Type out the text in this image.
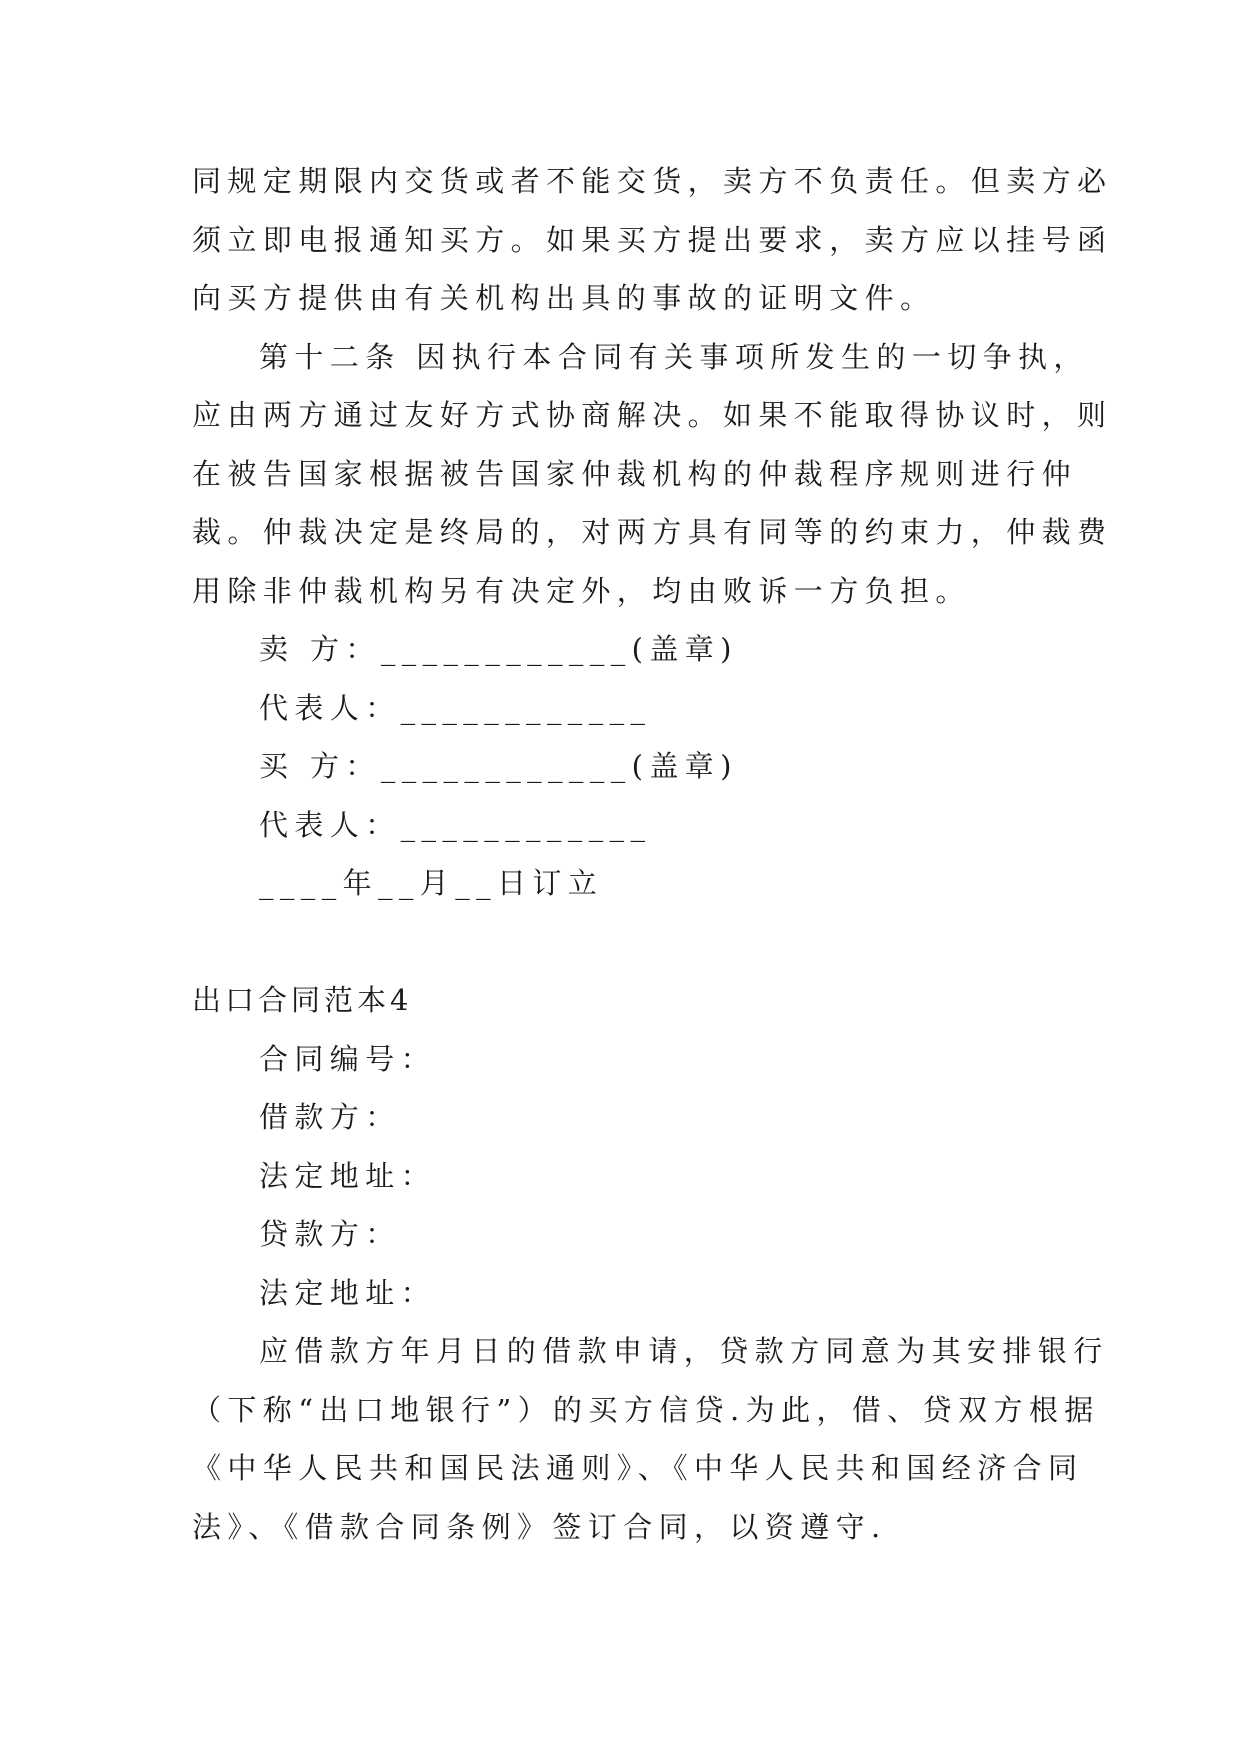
同规定期限内交货或者不能交货，卖方不负责任。但卖方必

须立即电报通知买方。如果买方提出要求，卖方应以挂号函

向买方提供由有关机构出具的事故的证明文件。

第十二条 因执行本合同有关事项所发生的一切争执，

应由两方通过友好方式协商解决。如果不能取得协议时，则

在被告国家根据被告国家仲裁机构的仲裁程序规则进行仲

裁。仲裁决定是终局的，对两方具有同等的约束力，仲裁费

用除非仲裁机构另有决定外，均由败诉一方负担。

卖 方：____________(盖章)

代表人：____________

买 方：____________(盖章)

代表人：____________

____年__月__日订立

出口合同范本4

合同编号：

借款方：

法定地址：

贷款方：

法定地址：

应借款方年月日的借款申请，贷款方同意为其安排银行

（下称“出口地银行”）的买方信贷.为此，借、贷双方根据

《中华人民共和国民法通则》、《中华人民共和国经济合同

法》、《借款合同条例》签订合同，以资遵守.
